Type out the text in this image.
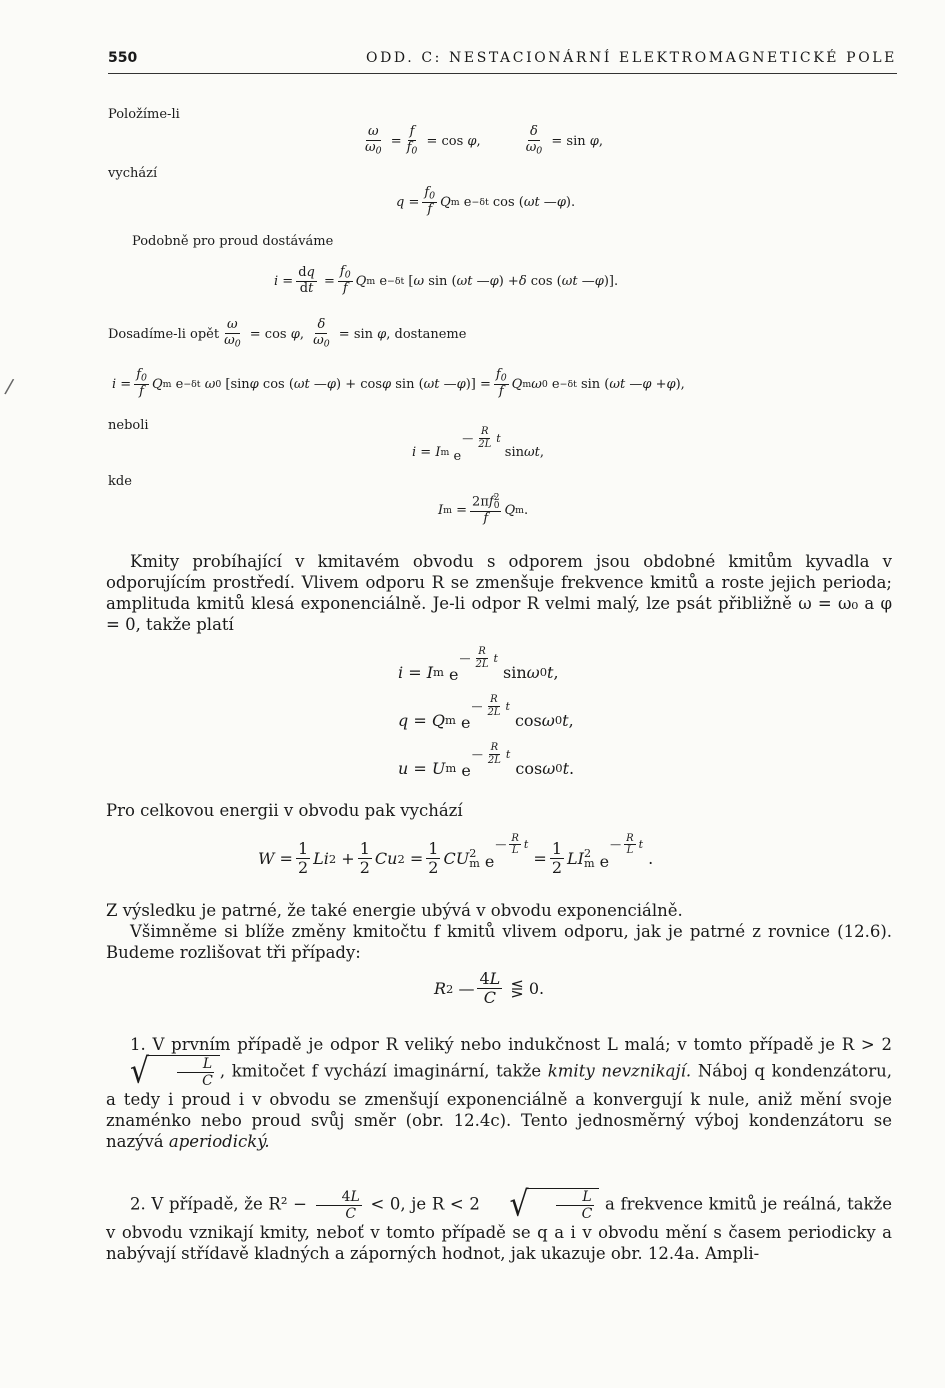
550	ODD. C: NESTACIONÁRNÍ ELEKTROMAGNETICKÉ POLE
/
Položíme-li
ω
$\omega_0$
=
f
$f_0$
= cos φ ,
δ
$\omega_0$
= sin φ ,
vychází
q =
$f_0$
f
Q m e −δt cos ( ωt — φ ).
Podobně pro proud dostáváme
i =
dq
dt =
$f_0$
f
Q m e −δt [ ω sin ( ωt — φ ) + δ cos ( ωt — φ )].
Dosadíme-li opět
ω
$\omega_0$
= cos φ ,
δ
$\omega_0$
= sin φ , dostaneme
i =
$f_0$
f
Q m e −δt
ω 0 [sin φ cos ( ωt — φ ) + cos φ sin ( ωt — φ )] =
$f_0$
f
Q m ω 0 e −δt sin ( ωt — φ + φ ),
neboli
i = I m
e
— R
2L t
sin ωt ,
kde
I m =
2πf 2
0
f
Q m .

Kmity probíhající v kmitavém obvodu s odporem jsou obdobné kmitům kyvadla v odporujícím prostředí. Vlivem odporu R se zmenšuje frekvence kmitů a roste jejich perioda; amplituda kmitů klesá exponenciálně. Je-li odpor R velmi malý, lze psát přibližně ω = ω₀ a φ = 0, takže platí

i = I m
e
— R
2L t
sin ω 0 t ,
q = Q m
e
— R
2L t
cos ω 0 t ,
u = U m
e
— R
2L t
cos ω 0 t .

Pro celkovou energii v obvodu pak vychází

W =
1
2 Li 2 +
1
2 Cu 2 =
1
2 CU 2
m
e
— R
L t
=
1
2 LI 2
m
e
— R
L t
.

Z výsledku je patrné, že také energie ubývá v obvodu exponenciálně.

Všimněme si blíže změny kmitočtu f kmitů vlivem odporu, jak je patrné z rovnice (12.6). Budeme rozlišovat tři případy:

R 2 —
4L
C ⋚ 0.

1. V prvním případě je odpor R veliký nebo indukčnost L malá; v tomto případě je R > 2
√ $\frac{L}{C}$ , kmitočet f vychází imaginární, takže kmity nevznikají. Náboj q kondenzátoru, a tedy i proud i v obvodu se zmenšují exponenciálně a konvergují k nule, aniž mění svoje znaménko nebo proud svůj směr (obr. 12.4c). Tento jednosměrný výboj kondenzátoru se nazývá aperiodický.

2. V případě, že $R^2 - \frac{4L}{C} < 0$, je R < 2 √ $\frac{L}{C}$ a frekvence kmitů je reálná, takže v obvodu vznikají kmity, neboť v tomto případě se q a i v obvodu mění s časem periodicky a nabývají střídavě kladných a záporných hodnot, jak ukazuje obr. 12.4a. Ampli-
